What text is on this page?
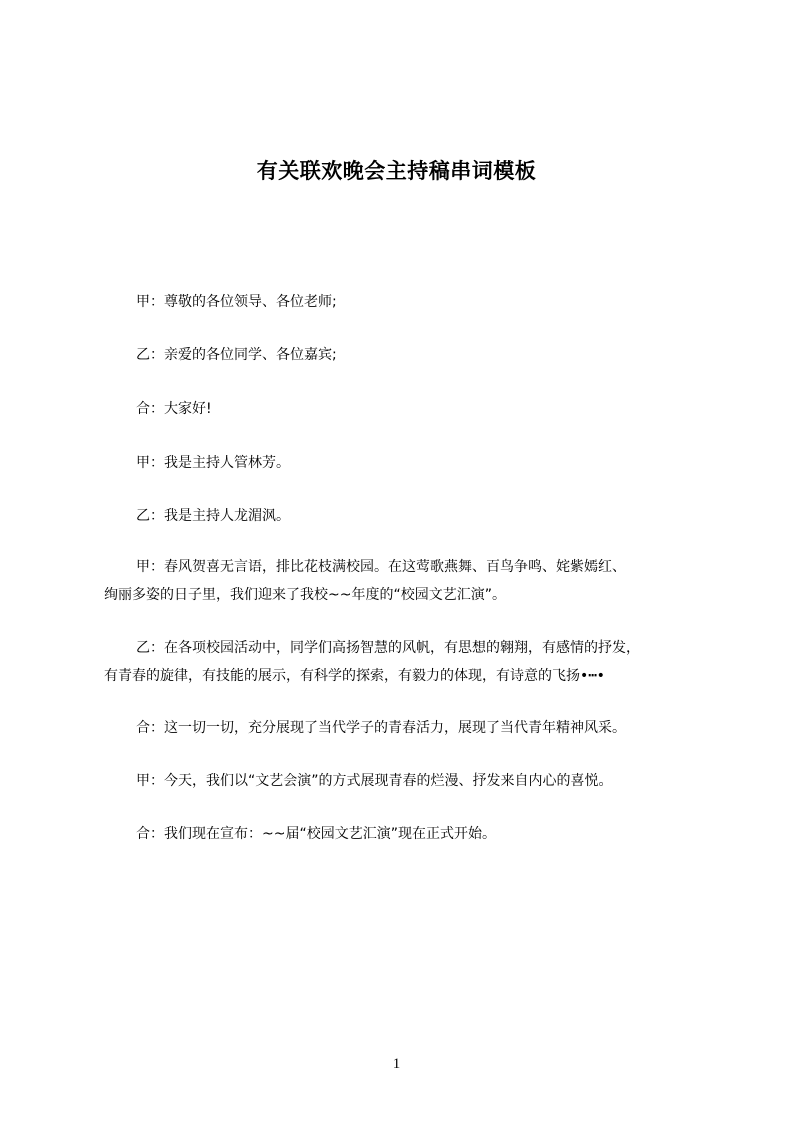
有关联欢晚会主持稿串词模板

甲：尊敬的各位领导、各位老师;

乙：亲爱的各位同学、各位嘉宾;

合：大家好!

甲：我是主持人管林芳。

乙：我是主持人龙湄沨。

甲：春风贺喜无言语，排比花枝满校园。在这莺歌燕舞、百鸟争鸣、姹紫嫣红、
绚丽多姿的日子里，我们迎来了我校~~年度的“校园文艺汇演”。
乙：在各项校园活动中，同学们高扬智慧的风帆，有思想的翱翔，有感情的抒发，
有青春的旋律，有技能的展示，有科学的探索，有毅力的体现，有诗意的飞扬•┅•

合：这一切一切，充分展现了当代学子的青春活力，展现了当代青年精神风采。

甲：今天，我们以“文艺会演”的方式展现青春的烂漫、抒发来自内心的喜悦。

合：我们现在宣布：~~届“校园文艺汇演”现在正式开始。

1
